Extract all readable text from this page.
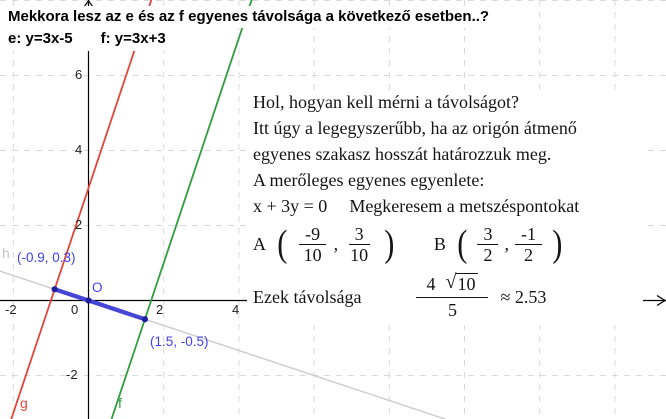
-2	0	2	4
6
4
2
-2
(-0.9, 0.3)
O
(1.5, -0.5)
g	f
h
Mekkora lesz az e és az f egyenes távolsága a következő esetben..?
e: y=3x-5 f: y=3x+3
Hol, hogyan kell mérni a távolságot?
Itt úgy a legegyszerűbb, ha az origón átmenő
egyenes szakasz hosszát határozzuk meg.
A merőleges egyenes egyenlete:
x + 3y = 0 Megkeresem a metszéspontokat
A ( $\frac{-9}{10}$ , $\frac{3}{10}$ ) B ( $\frac{3}{2}$ , $\frac{-1}{2}$ )
Ezek távolsága	$\frac{4 √ 10}{5} \approx 2.53$
